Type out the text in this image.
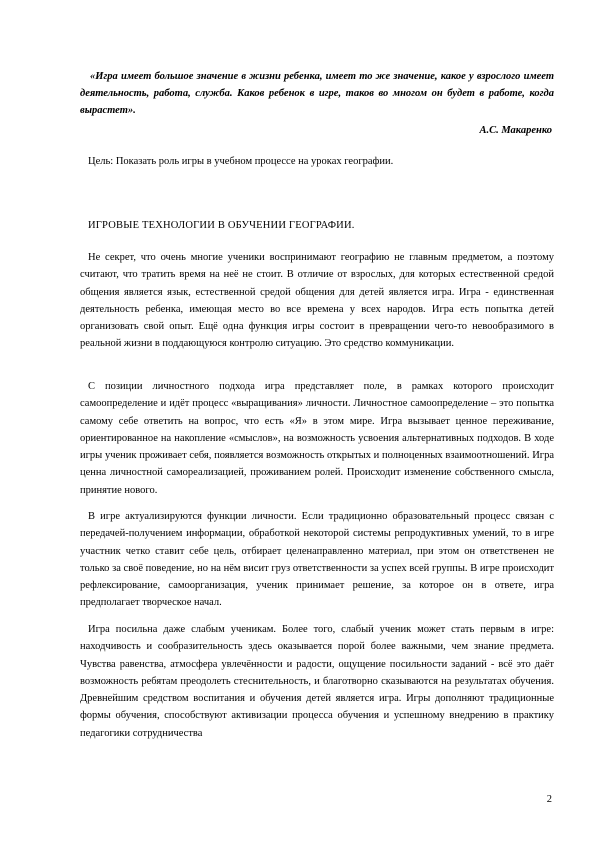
«Игра имеет большое значение в жизни ребенка, имеет то же значение, какое у взрослого имеет деятельность, работа, служба. Каков ребенок в игре, таков во многом он будет в работе, когда вырастет».

А.С. Макаренко
Цель: Показать роль игры в учебном процессе на уроках географии.
ИГРОВЫЕ ТЕХНОЛОГИИ В ОБУЧЕНИИ ГЕОГРАФИИ.

Не секрет, что очень многие ученики воспринимают географию не главным предметом, а поэтому считают, что тратить время на неё не стоит. В отличие от взрослых, для которых естественной средой общения является язык, естественной средой общения для детей является игра. Игра - единственная деятельность ребенка, имеющая место во все времена у всех народов. Игра есть попытка детей организовать свой опыт. Ещё одна функция игры состоит в превращении чего-то невообразимого в реальной жизни в поддающуюся контролю ситуацию. Это средство коммуникации.

С позиции личностного подхода игра представляет поле, в рамках которого происходит самоопределение и идёт процесс «выращивания» личности. Личностное самоопределение – это попытка самому себе ответить на вопрос, что есть «Я» в этом мире. Игра вызывает ценное переживание, ориентированное на накопление «смыслов», на возможность усвоения альтернативных подходов. В ходе игры ученик проживает себя, появляется возможность открытых и полноценных взаимоотношений. Игра ценна личностной самореализацией, проживанием ролей. Происходит изменение собственного смысла, принятие нового.

В игре актуализируются функции личности. Если традиционно образовательный процесс связан с передачей-получением информации, обработкой некоторой системы репродуктивных умений, то в игре участник четко ставит себе цель, отбирает целенаправленно материал, при этом он ответственен не только за своё поведение, но на нём висит груз ответственности за успех всей группы. В игре происходит рефлексирование, самоорганизация, ученик принимает решение, за которое он в ответе, игра предполагает творческое начал.

Игра посильна даже слабым ученикам. Более того, слабый ученик может стать первым в игре: находчивость и сообразительность здесь оказывается порой более важными, чем знание предмета. Чувства равенства, атмосфера увлечённости и радости, ощущение посильности заданий - всё это даёт возможность ребятам преодолеть стеснительность, и благотворно сказываются на результатах обучения. Древнейшим средством воспитания и обучения детей является игра. Игры дополняют традиционные формы обучения, способствуют активизации процесса обучения и успешному внедрению в практику педагогики сотрудничества

2
